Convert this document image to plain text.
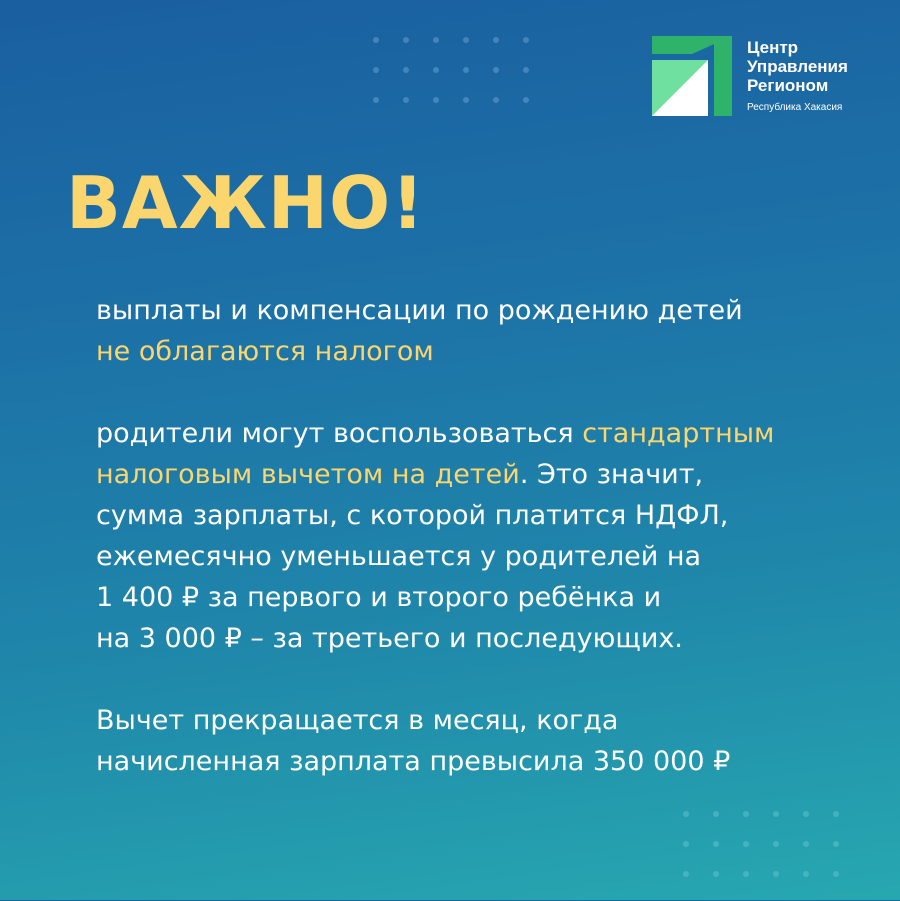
Центр
Управления
Регионом
Республика Хакасия
ВАЖНО!
выплаты и компенсации по рождению детей
не облагаются налогом
родители могут воспользоваться стандартным
налоговым вычетом на детей. Это значит,
сумма зарплаты, с которой платится НДФЛ,
ежемесячно уменьшается у родителей на
1 400 ₽ за первого и второго ребёнка и
на 3 000 ₽ – за третьего и последующих.
Вычет прекращается в месяц, когда
начисленная зарплата превысила 350 000 ₽
